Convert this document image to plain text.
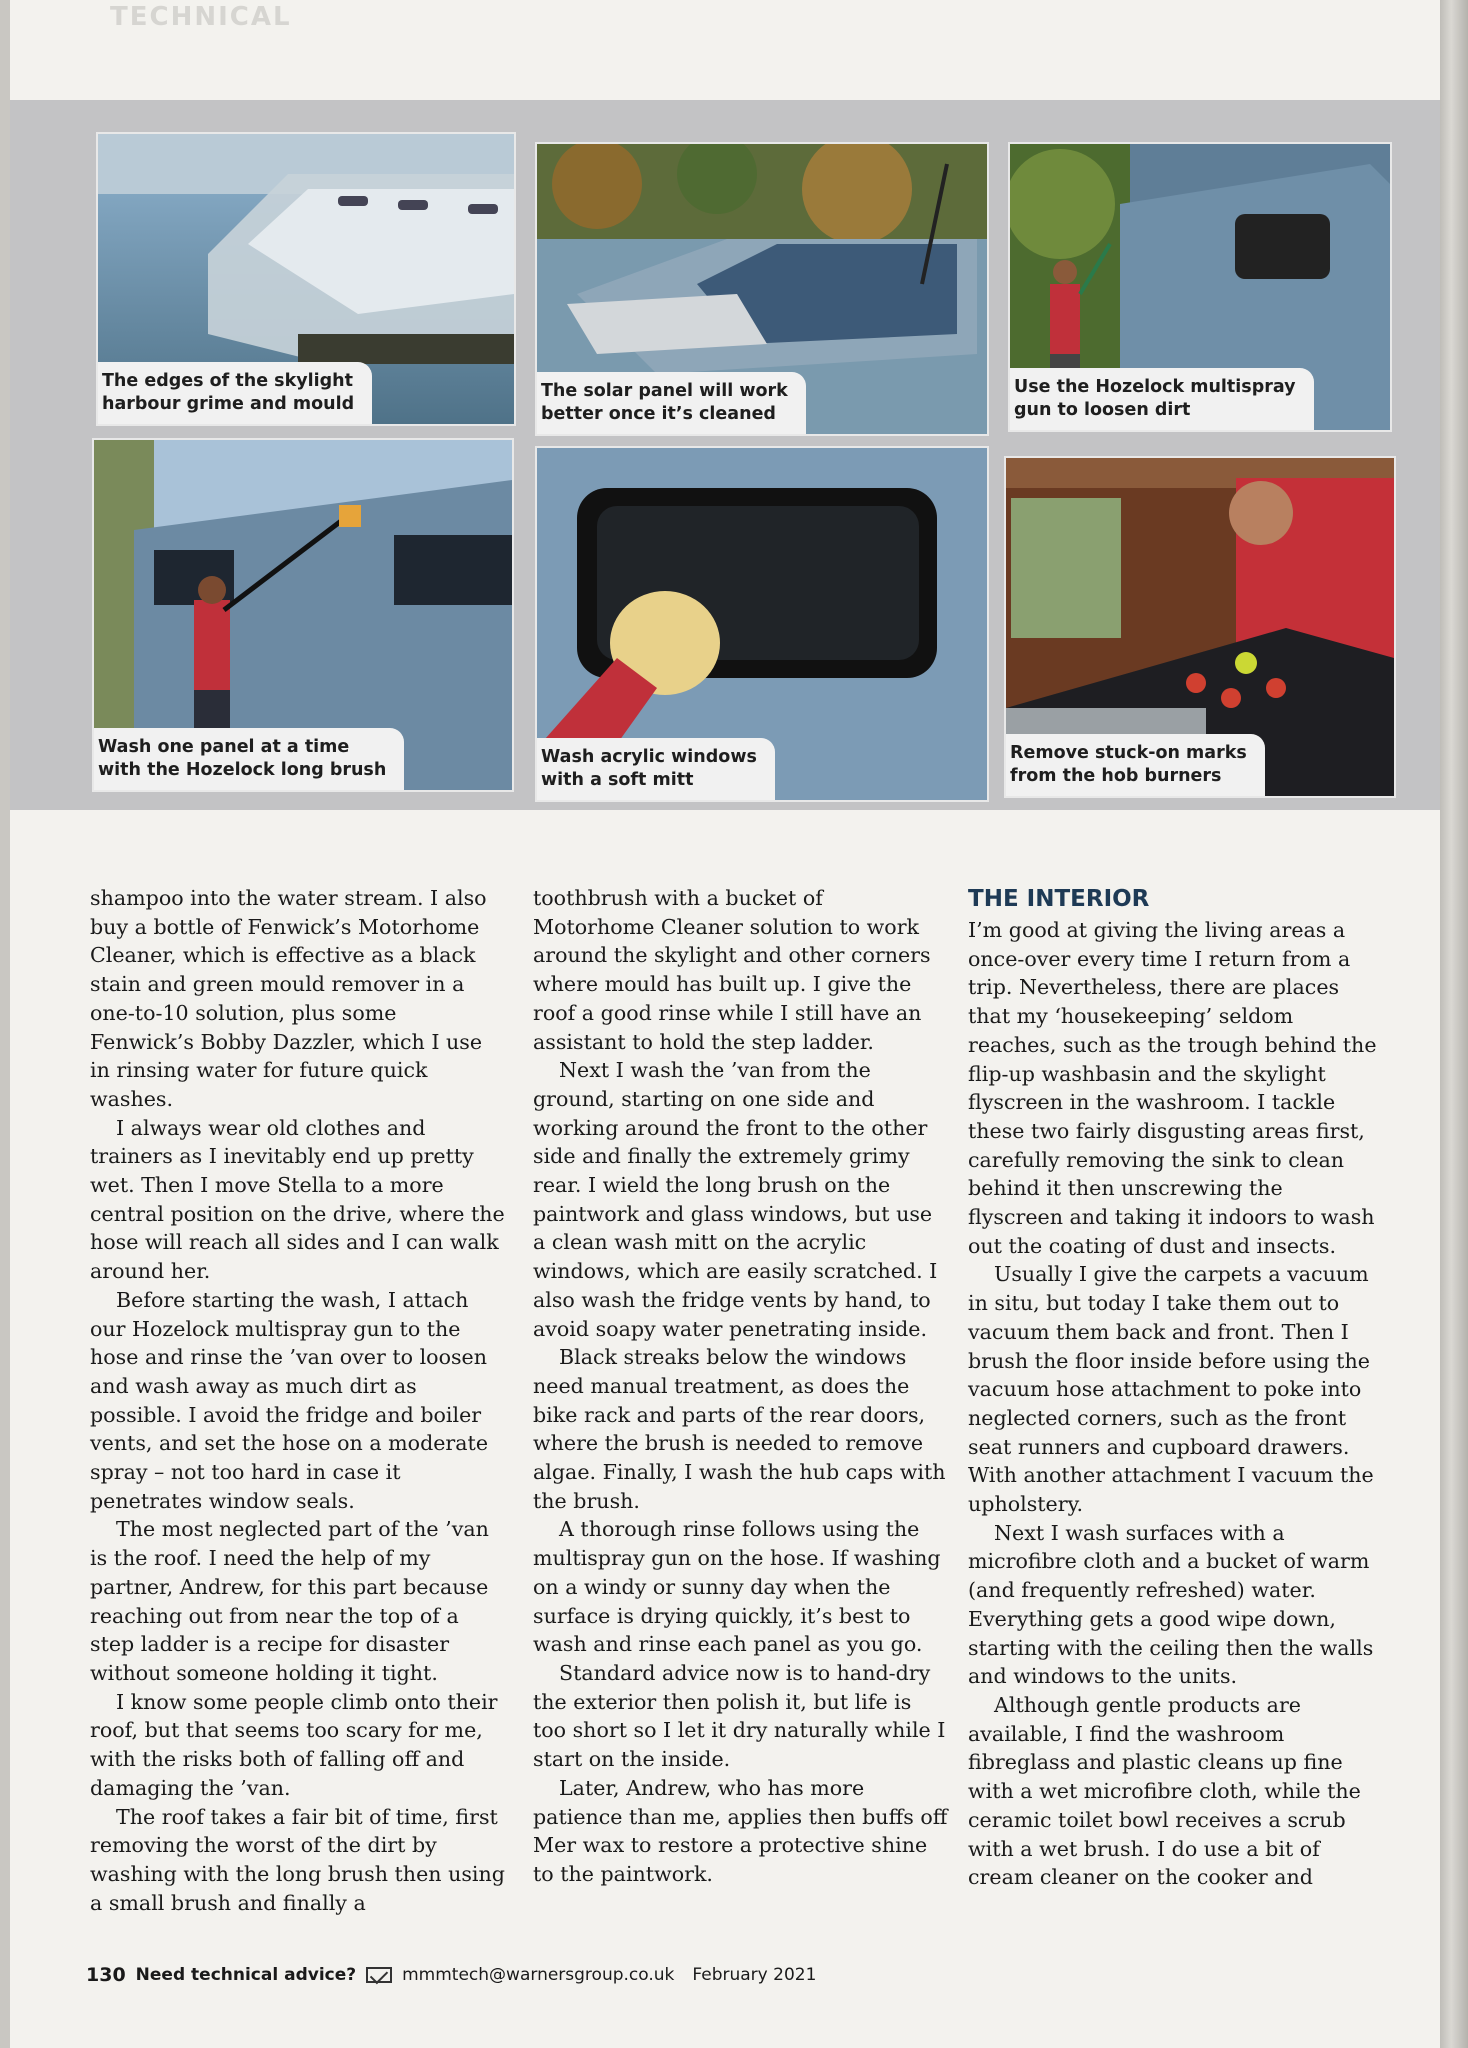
TECHNICAL
The edges of the skylight
harbour grime and mould
The solar panel will work
better once it’s cleaned
Use the Hozelock multispray
gun to loosen dirt
Wash one panel at a time
with the Hozelock long brush
Wash acrylic windows
with a soft mitt
Remove stuck-on marks
from the hob burners

shampoo into the water stream. I also buy a bottle of Fenwick’s Motorhome Cleaner, which is effective as a black stain and green mould remover in a one-to-10 solution, plus some Fenwick’s Bobby Dazzler, which I use in rinsing water for future quick washes.

I always wear old clothes and trainers as I inevitably end up pretty wet. Then I move Stella to a more central position on the drive, where the hose will reach all sides and I can walk around her.

Before starting the wash, I attach our Hozelock multispray gun to the hose and rinse the ’van over to loosen and wash away as much dirt as possible. I avoid the fridge and boiler vents, and set the hose on a moderate spray – not too hard in case it penetrates window seals.

The most neglected part of the ’van is the roof. I need the help of my partner, Andrew, for this part because reaching out from near the top of a step ladder is a recipe for disaster without someone holding it tight.

I know some people climb onto their roof, but that seems too scary for me, with the risks both of falling off and damaging the ’van.

The roof takes a fair bit of time, first removing the worst of the dirt by washing with the long brush then using a small brush and finally a

toothbrush with a bucket of Motorhome Cleaner solution to work around the skylight and other corners where mould has built up. I give the roof a good rinse while I still have an assistant to hold the step ladder.

Next I wash the ’van from the ground, starting on one side and working around the front to the other side and finally the extremely grimy rear. I wield the long brush on the paintwork and glass windows, but use a clean wash mitt on the acrylic windows, which are easily scratched. I also wash the fridge vents by hand, to avoid soapy water penetrating inside.

Black streaks below the windows need manual treatment, as does the bike rack and parts of the rear doors, where the brush is needed to remove algae. Finally, I wash the hub caps with the brush.

A thorough rinse follows using the multispray gun on the hose. If washing on a windy or sunny day when the surface is drying quickly, it’s best to wash and rinse each panel as you go.

Standard advice now is to hand-dry the exterior then polish it, but life is too short so I let it dry naturally while I start on the inside.

Later, Andrew, who has more patience than me, applies then buffs off Mer wax to restore a protective shine to the paintwork.

THE INTERIOR

I’m good at giving the living areas a once-over every time I return from a trip. Nevertheless, there are places that my ‘housekeeping’ seldom reaches, such as the trough behind the flip-up washbasin and the skylight flyscreen in the washroom. I tackle these two fairly disgusting areas first, carefully removing the sink to clean behind it then unscrewing the flyscreen and taking it indoors to wash out the coating of dust and insects.

Usually I give the carpets a vacuum in situ, but today I take them out to vacuum them back and front. Then I brush the floor inside before using the vacuum hose attachment to poke into neglected corners, such as the front seat runners and cupboard drawers. With another attachment I vacuum the upholstery.

Next I wash surfaces with a microfibre cloth and a bucket of warm (and frequently refreshed) water. Everything gets a good wipe down, starting with the ceiling then the walls and windows to the units.

Although gentle products are available, I find the washroom fibreglass and plastic cleans up fine with a wet microfibre cloth, while the ceramic toilet bowl receives a scrub with a wet brush. I do use a bit of cream cleaner on the cooker and

130 Need technical advice?	mmmtech@warnersgroup.co.uk February 2021
